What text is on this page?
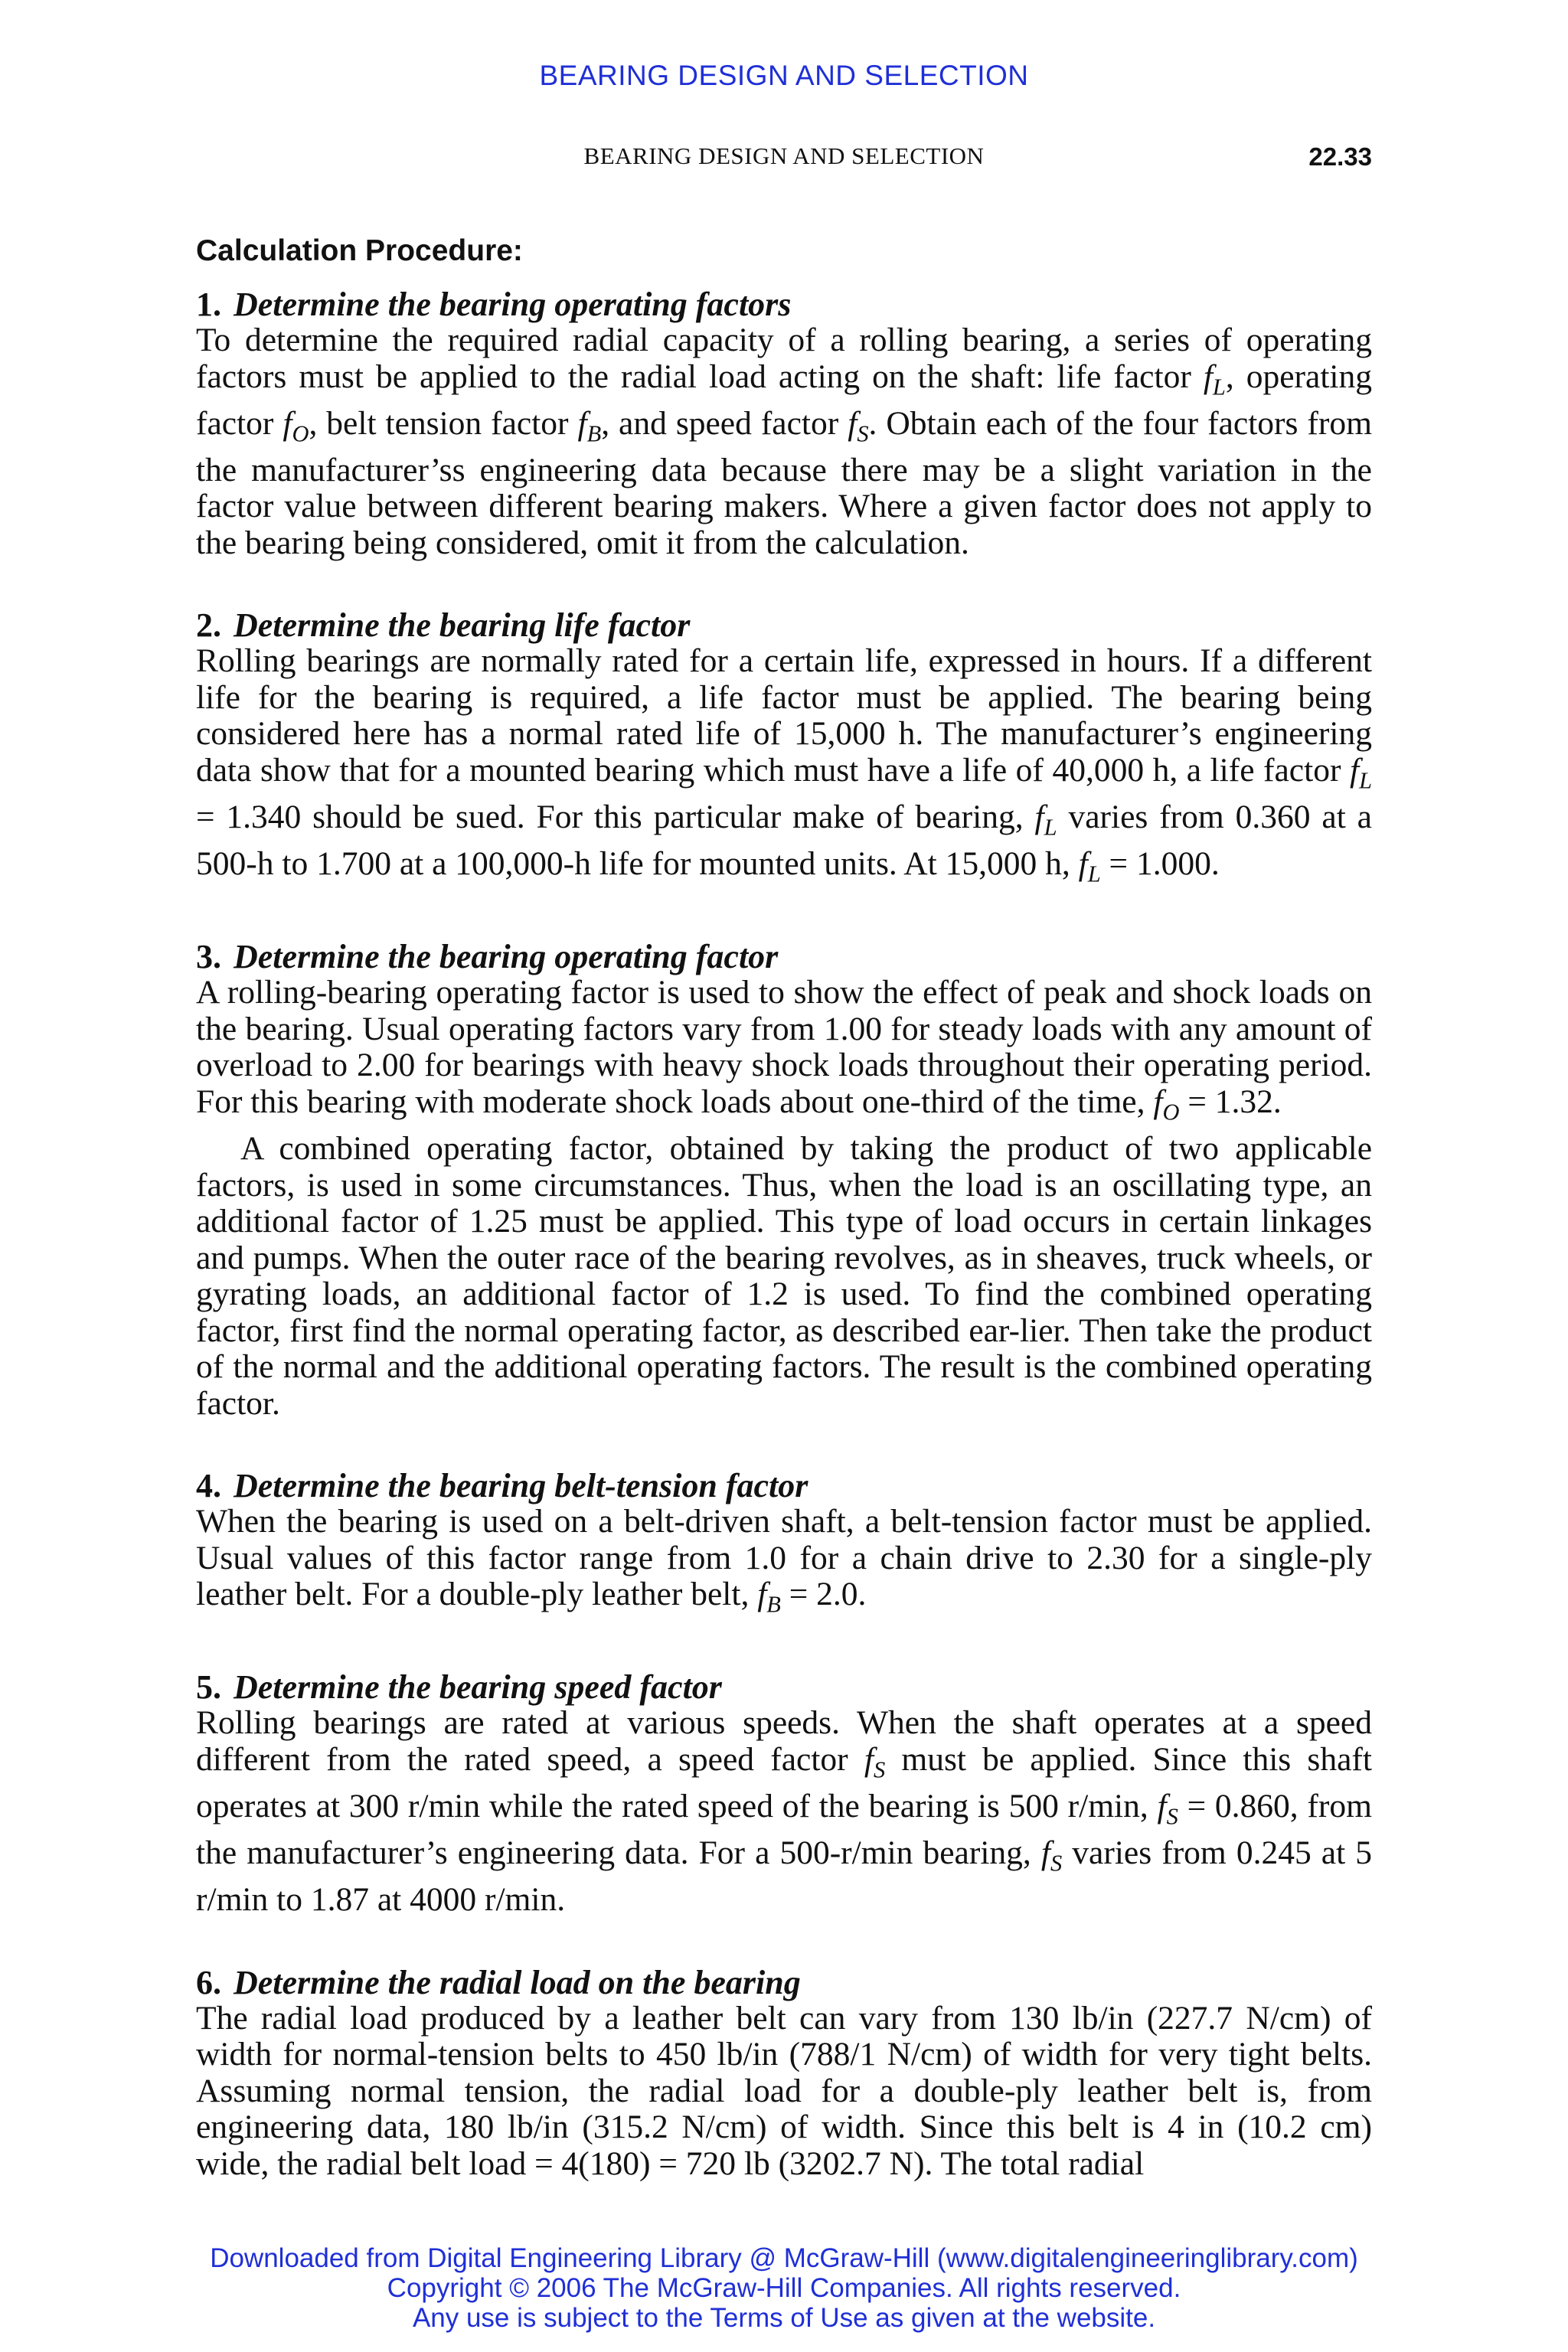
BEARING DESIGN AND SELECTION
BEARING DESIGN AND SELECTION	22.33
Calculation Procedure:
1. Determine the bearing operating factors

To determine the required radial capacity of a rolling bearing, a series of operating factors must be applied to the radial load acting on the shaft: life factor $f_L$, operating factor $f_O$, belt tension factor $f_B$, and speed factor $f_S$. Obtain each of the four factors from the manufacturer’ss engineering data because there may be a slight variation in the factor value between different bearing makers. Where a given factor does not apply to the bearing being considered, omit it from the calculation.

2. Determine the bearing life factor

Rolling bearings are normally rated for a certain life, expressed in hours. If a different life for the bearing is required, a life factor must be applied. The bearing being considered here has a normal rated life of 15,000 h. The manufacturer’s engineering data show that for a mounted bearing which must have a life of 40,000 h, a life factor $f_L = 1.340$ should be sued. For this particular make of bearing, $f_L$ varies from 0.360 at a 500-h to 1.700 at a 100,000-h life for mounted units. At 15,000 h, $f_L = 1.000$.

3. Determine the bearing operating factor

A rolling-bearing operating factor is used to show the effect of peak and shock loads on the bearing. Usual operating factors vary from 1.00 for steady loads with any amount of overload to 2.00 for bearings with heavy shock loads throughout their operating period. For this bearing with moderate shock loads about one-third of the time, $f_O = 1.32$.

A combined operating factor, obtained by taking the product of two applicable factors, is used in some circumstances. Thus, when the load is an oscillating type, an additional factor of 1.25 must be applied. This type of load occurs in certain linkages and pumps. When the outer race of the bearing revolves, as in sheaves, truck wheels, or gyrating loads, an additional factor of 1.2 is used. To find the combined operating factor, first find the normal operating factor, as described ear-lier. Then take the product of the normal and the additional operating factors. The result is the combined operating factor.

4. Determine the bearing belt-tension factor

When the bearing is used on a belt-driven shaft, a belt-tension factor must be applied. Usual values of this factor range from 1.0 for a chain drive to 2.30 for a single-ply leather belt. For a double-ply leather belt, $f_B = 2.0$.

5. Determine the bearing speed factor

Rolling bearings are rated at various speeds. When the shaft operates at a speed different from the rated speed, a speed factor $f_S$ must be applied. Since this shaft operates at 300 r/min while the rated speed of the bearing is 500 r/min, $f_S = 0.860$, from the manufacturer’s engineering data. For a 500-r/min bearing, $f_S$ varies from 0.245 at 5 r/min to 1.87 at 4000 r/min.

6. Determine the radial load on the bearing

The radial load produced by a leather belt can vary from 130 lb/in (227.7 N/cm) of width for normal-tension belts to 450 lb/in (788/1 N/cm) of width for very tight belts. Assuming normal tension, the radial load for a double-ply leather belt is, from engineering data, 180 lb/in (315.2 N/cm) of width. Since this belt is 4 in (10.2 cm) wide, the radial belt load = 4(180) = 720 lb (3202.7 N). The total radial

Downloaded from Digital Engineering Library @ McGraw-Hill (www.digitalengineeringlibrary.com)
Copyright © 2006 The McGraw-Hill Companies. All rights reserved.
Any use is subject to the Terms of Use as given at the website.
